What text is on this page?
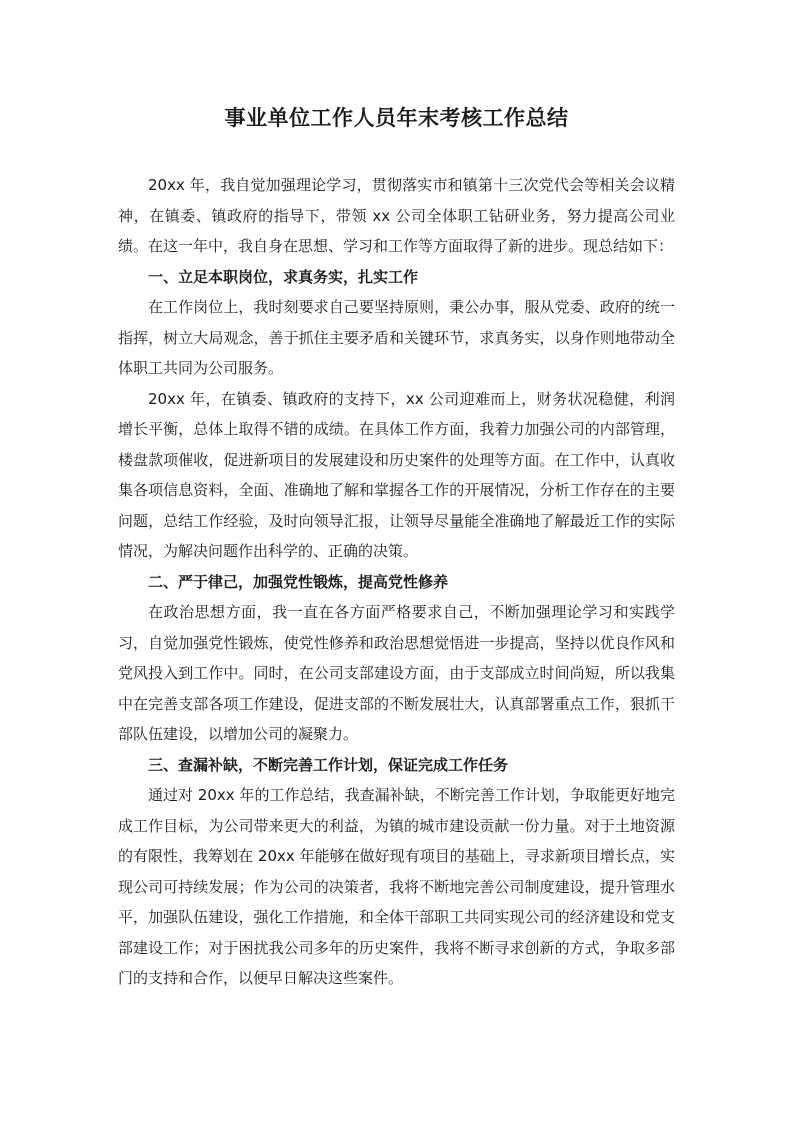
事业单位工作人员年末考核工作总结

20xx 年，我自觉加强理论学习，贯彻落实市和镇第十三次党代会等相关会议精神，在镇委、镇政府的指导下，带领 xx 公司全体职工钻研业务，努力提高公司业绩。在这一年中，我自身在思想、学习和工作等方面取得了新的进步。现总结如下：

一、立足本职岗位，求真务实，扎实工作

在工作岗位上，我时刻要求自己要坚持原则，秉公办事，服从党委、政府的统一指挥，树立大局观念，善于抓住主要矛盾和关键环节，求真务实，以身作则地带动全体职工共同为公司服务。

20xx 年，在镇委、镇政府的支持下，xx 公司迎难而上，财务状况稳健，利润增长平衡，总体上取得不错的成绩。在具体工作方面，我着力加强公司的内部管理，楼盘款项催收，促进新项目的发展建设和历史案件的处理等方面。在工作中，认真收集各项信息资料，全面、准确地了解和掌握各工作的开展情况，分析工作存在的主要问题，总结工作经验，及时向领导汇报，让领导尽量能全准确地了解最近工作的实际情况，为解决问题作出科学的、正确的决策。

二、严于律己，加强党性锻炼，提高党性修养

在政治思想方面，我一直在各方面严格要求自己，不断加强理论学习和实践学习，自觉加强党性锻炼，使党性修养和政治思想觉悟进一步提高，坚持以优良作风和党风投入到工作中。同时，在公司支部建设方面，由于支部成立时间尚短，所以我集中在完善支部各项工作建设，促进支部的不断发展壮大，认真部署重点工作，狠抓干部队伍建设，以增加公司的凝聚力。

三、查漏补缺，不断完善工作计划，保证完成工作任务

通过对 20xx 年的工作总结，我查漏补缺，不断完善工作计划，争取能更好地完成工作目标，为公司带来更大的利益，为镇的城市建设贡献一份力量。对于土地资源的有限性，我筹划在 20xx 年能够在做好现有项目的基础上，寻求新项目增长点，实现公司可持续发展；作为公司的决策者，我将不断地完善公司制度建设，提升管理水平，加强队伍建设，强化工作措施，和全体干部职工共同实现公司的经济建设和党支部建设工作；对于困扰我公司多年的历史案件，我将不断寻求创新的方式，争取多部门的支持和合作，以便早日解决这些案件。
